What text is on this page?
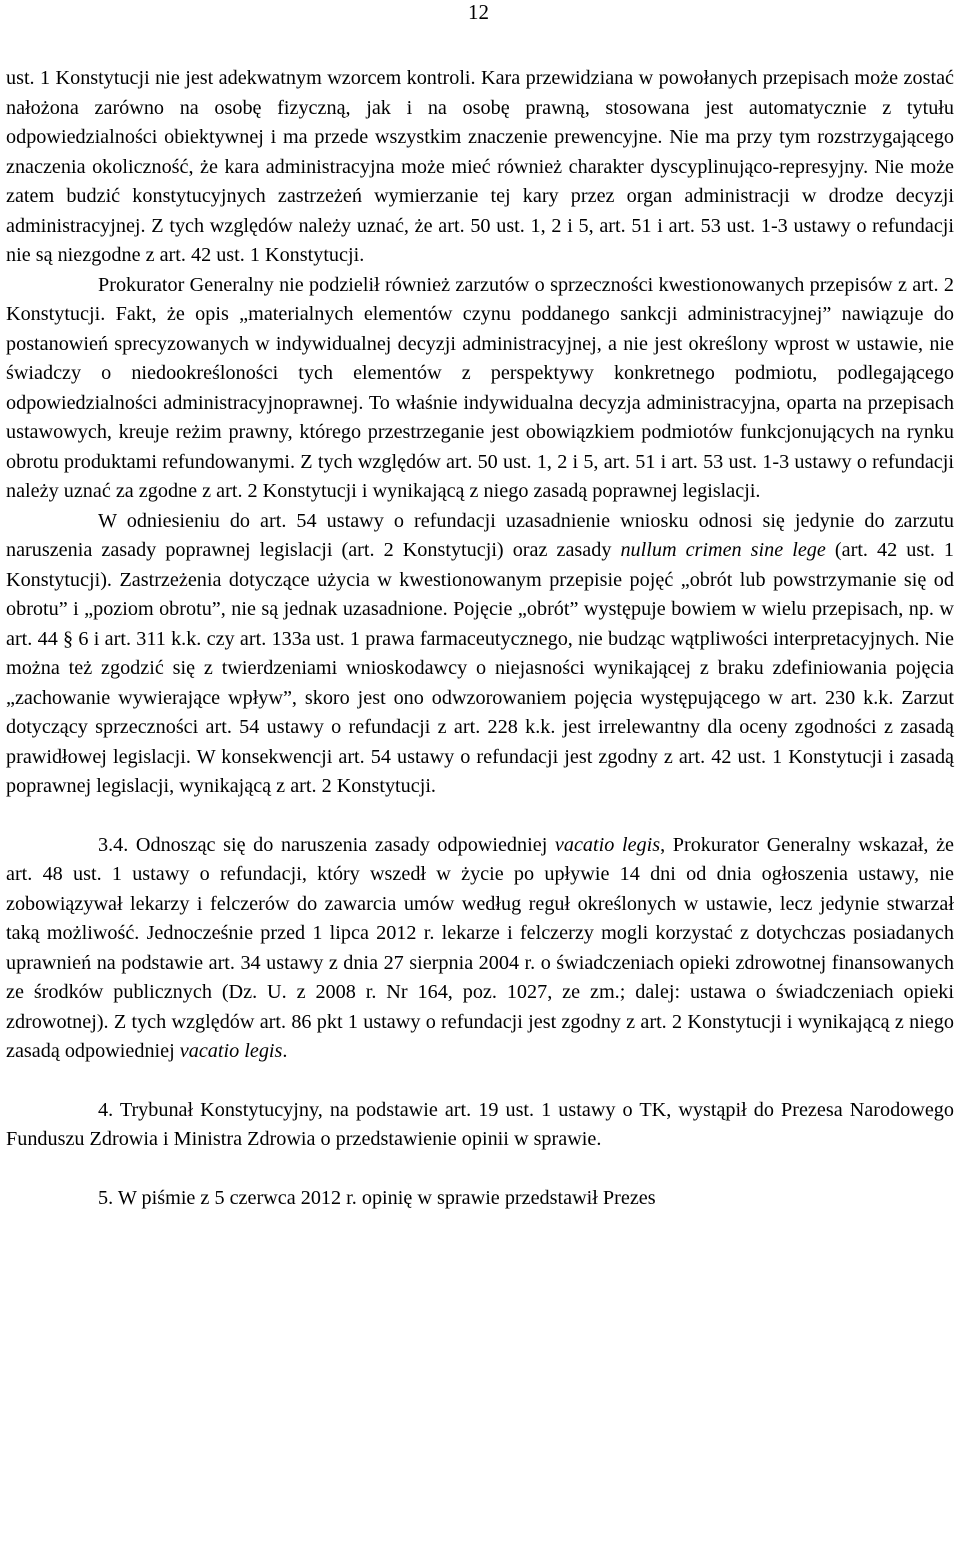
12

ust. 1 Konstytucji nie jest adekwatnym wzorcem kontroli. Kara przewidziana w powołanych przepisach może zostać nałożona zarówno na osobę fizyczną, jak i na osobę prawną, stosowana jest automatycznie z tytułu odpowiedzialności obiektywnej i ma przede wszystkim znaczenie prewencyjne. Nie ma przy tym rozstrzygającego znaczenia okoliczność, że kara administracyjna może mieć również charakter dyscyplinująco-represyjny. Nie może zatem budzić konstytucyjnych zastrzeżeń wymierzanie tej kary przez organ administracji w drodze decyzji administracyjnej. Z tych względów należy uznać, że art. 50 ust. 1, 2 i 5, art. 51 i art. 53 ust. 1-3 ustawy o refundacji nie są niezgodne z art. 42 ust. 1 Konstytucji.

Prokurator Generalny nie podzielił również zarzutów o sprzeczności kwestionowanych przepisów z art. 2 Konstytucji. Fakt, że opis „materialnych elementów czynu poddanego sankcji administracyjnej” nawiązuje do postanowień sprecyzowanych w indywidualnej decyzji administracyjnej, a nie jest określony wprost w ustawie, nie świadczy o niedookreśloności tych elementów z perspektywy konkretnego podmiotu, podlegającego odpowiedzialności administracyjnoprawnej. To właśnie indywidualna decyzja administracyjna, oparta na przepisach ustawowych, kreuje reżim prawny, którego przestrzeganie jest obowiązkiem podmiotów funkcjonujących na rynku obrotu produktami refundowanymi. Z tych względów art. 50 ust. 1, 2 i 5, art. 51 i art. 53 ust. 1-3 ustawy o refundacji należy uznać za zgodne z art. 2 Konstytucji i wynikającą z niego zasadą poprawnej legislacji.

W odniesieniu do art. 54 ustawy o refundacji uzasadnienie wniosku odnosi się jedynie do zarzutu naruszenia zasady poprawnej legislacji (art. 2 Konstytucji) oraz zasady nullum crimen sine lege (art. 42 ust. 1 Konstytucji). Zastrzeżenia dotyczące użycia w kwestionowanym przepisie pojęć „obrót lub powstrzymanie się od obrotu” i „poziom obrotu”, nie są jednak uzasadnione. Pojęcie „obrót” występuje bowiem w wielu przepisach, np. w art. 44 § 6 i art. 311 k.k. czy art. 133a ust. 1 prawa farmaceutycznego, nie budząc wątpliwości interpretacyjnych. Nie można też zgodzić się z twierdzeniami wnioskodawcy o niejasności wynikającej z braku zdefiniowania pojęcia „zachowanie wywierające wpływ”, skoro jest ono odwzorowaniem pojęcia występującego w art. 230 k.k. Zarzut dotyczący sprzeczności art. 54 ustawy o refundacji z art. 228 k.k. jest irrelewantny dla oceny zgodności z zasadą prawidłowej legislacji. W konsekwencji art. 54 ustawy o refundacji jest zgodny z art. 42 ust. 1 Konstytucji i zasadą poprawnej legislacji, wynikającą z art. 2 Konstytucji.

3.4. Odnosząc się do naruszenia zasady odpowiedniej vacatio legis, Prokurator Generalny wskazał, że art. 48 ust. 1 ustawy o refundacji, który wszedł w życie po upływie 14 dni od dnia ogłoszenia ustawy, nie zobowiązywał lekarzy i felczerów do zawarcia umów według reguł określonych w ustawie, lecz jedynie stwarzał taką możliwość. Jednocześnie przed 1 lipca 2012 r. lekarze i felczerzy mogli korzystać z dotychczas posiadanych uprawnień na podstawie art. 34 ustawy z dnia 27 sierpnia 2004 r. o świadczeniach opieki zdrowotnej finansowanych ze środków publicznych (Dz. U. z 2008 r. Nr 164, poz. 1027, ze zm.; dalej: ustawa o świadczeniach opieki zdrowotnej). Z tych względów art. 86 pkt 1 ustawy o refundacji jest zgodny z art. 2 Konstytucji i wynikającą z niego zasadą odpowiedniej vacatio legis.

4. Trybunał Konstytucyjny, na podstawie art. 19 ust. 1 ustawy o TK, wystąpił do Prezesa Narodowego Funduszu Zdrowia i Ministra Zdrowia o przedstawienie opinii w sprawie.

5. W piśmie z 5 czerwca 2012 r. opinię w sprawie przedstawił Prezes
